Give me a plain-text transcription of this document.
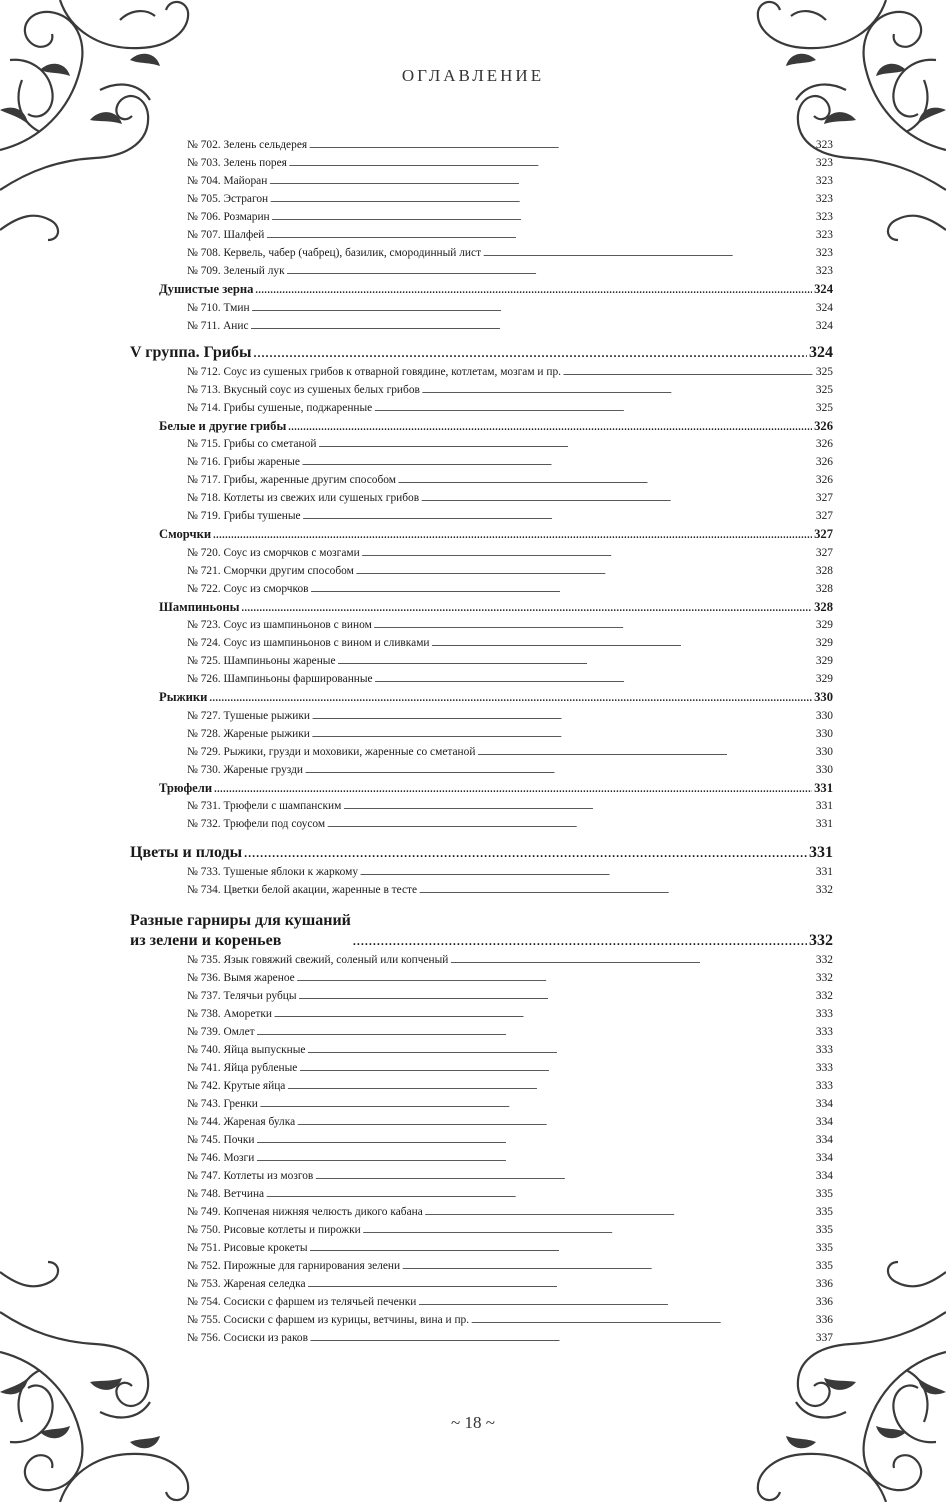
ОГЛАВЛЕНИЕ
№ 702. Зелень сельдерея . . .	323
№ 703. Зелень порея . . .	323
№ 704. Майоран . . .	323
№ 705. Эстрагон . . .	323
№ 706. Розмарин . . .	323
№ 707. Шалфей . . .	323
№ 708. Кервель, чабер (чабрец), базилик, смородинный лист . . .	323
№ 709. Зеленый лук . . .	323
Душистые зерна . . .	324
№ 710. Тмин . . .	324
№ 711. Анис . . .	324
V группа. Грибы . . .	324
№ 712. Соус из сушеных грибов к отварной говядине, котлетам, мозгам и пр. . . .	325
№ 713. Вкусный соус из сушеных белых грибов . . .	325
№ 714. Грибы сушеные, поджаренные . . .	325
Белые и другие грибы . . .	326
№ 715. Грибы со сметаной . . .	326
№ 716. Грибы жареные . . .	326
№ 717. Грибы, жаренные другим способом . . .	326
№ 718. Котлеты из свежих или сушеных грибов . . .	327
№ 719. Грибы тушеные . . .	327
Сморчки . . .	327
№ 720. Соус из сморчков с мозгами . . .	327
№ 721. Сморчки другим способом . . .	328
№ 722. Соус из сморчков . . .	328
Шампиньоны . . .	328
№ 723. Соус из шампиньонов с вином . . .	329
№ 724. Соус из шампиньонов с вином и сливками . . .	329
№ 725. Шампиньоны жареные . . .	329
№ 726. Шампиньоны фаршированные . . .	329
Рыжики . . .	330
№ 727. Тушеные рыжики . . .	330
№ 728. Жареные рыжики . . .	330
№ 729. Рыжики, грузди и моховики, жаренные со сметаной . . .	330
№ 730. Жареные грузди . . .	330
Трюфели . . .	331
№ 731. Трюфели с шампанским . . .	331
№ 732. Трюфели под соусом . . .	331
Цветы и плоды . . .	331
№ 733. Тушеные яблоки к жаркому . . .	331
№ 734. Цветки белой акации, жаренные в тесте . . .	332
Разные гарниры для кушаний
из зелени и кореньев . . .	332
№ 735. Язык говяжий свежий, соленый или копченый . . .	332
№ 736. Вымя жареное . . .	332
№ 737. Телячьи рубцы . . .	332
№ 738. Аморетки . . .	333
№ 739. Омлет . . .	333
№ 740. Яйца выпускные . . .	333
№ 741. Яйца рубленые . . .	333
№ 742. Крутые яйца . . .	333
№ 743. Гренки . . .	334
№ 744. Жареная булка . . .	334
№ 745. Почки . . .	334
№ 746. Мозги . . .	334
№ 747. Котлеты из мозгов . . .	334
№ 748. Ветчина . . .	335
№ 749. Копченая нижняя челюсть дикого кабана . . .	335
№ 750. Рисовые котлеты и пирожки . . .	335
№ 751. Рисовые крокеты . . .	335
№ 752. Пирожные для гарнирования зелени . . .	335
№ 753. Жареная селедка . . .	336
№ 754. Сосиски с фаршем из телячьей печенки . . .	336
№ 755. Сосиски с фаршем из курицы, ветчины, вина и пр. . . .	336
№ 756. Сосиски из раков . . .	337
~ 18 ~
